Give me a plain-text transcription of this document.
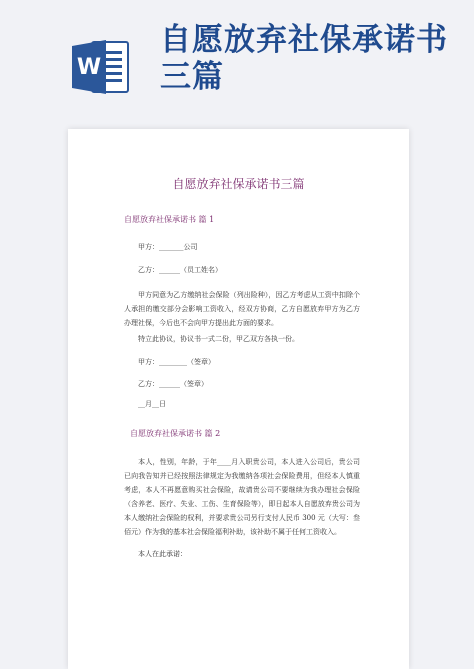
W
自愿放弃社保承诺书三篇
自愿放弃社保承诺书三篇
自愿放弃社保承诺书 篇 1
甲方：_______公司
乙方：______（员工姓名）
甲方同意为乙方缴纳社会保险（列出险种），因乙方考虑从工资中扣除个人承担的缴交部分会影响工资收入，经双方协商，乙方自愿放弃甲方为乙方办理社保，今后也不会向甲方提出此方面的要求。
特立此协议，协议书一式二份，甲乙双方各执一份。
甲方：________（签章）
乙方：______（签章）
__月__日
自愿放弃社保承诺书 篇 2
本人，性别，年龄，于年____月入职贵公司，本人进入公司后，贵公司已向我告知并已经按照法律规定为我缴纳各项社会保险费用，但经本人慎重考虑，本人不再愿意购买社会保险，故请贵公司不要继续为我办理社会保险（含养老、医疗、失业、工伤、生育保险等），即日起本人自愿放弃贵公司为本人缴纳社会保险的权利，并要求贵公司另行支付人民币 300 元（大写：叁佰元）作为我的基本社会保险福利补助，该补助不属于任何工资收入。
本人在此承诺：
